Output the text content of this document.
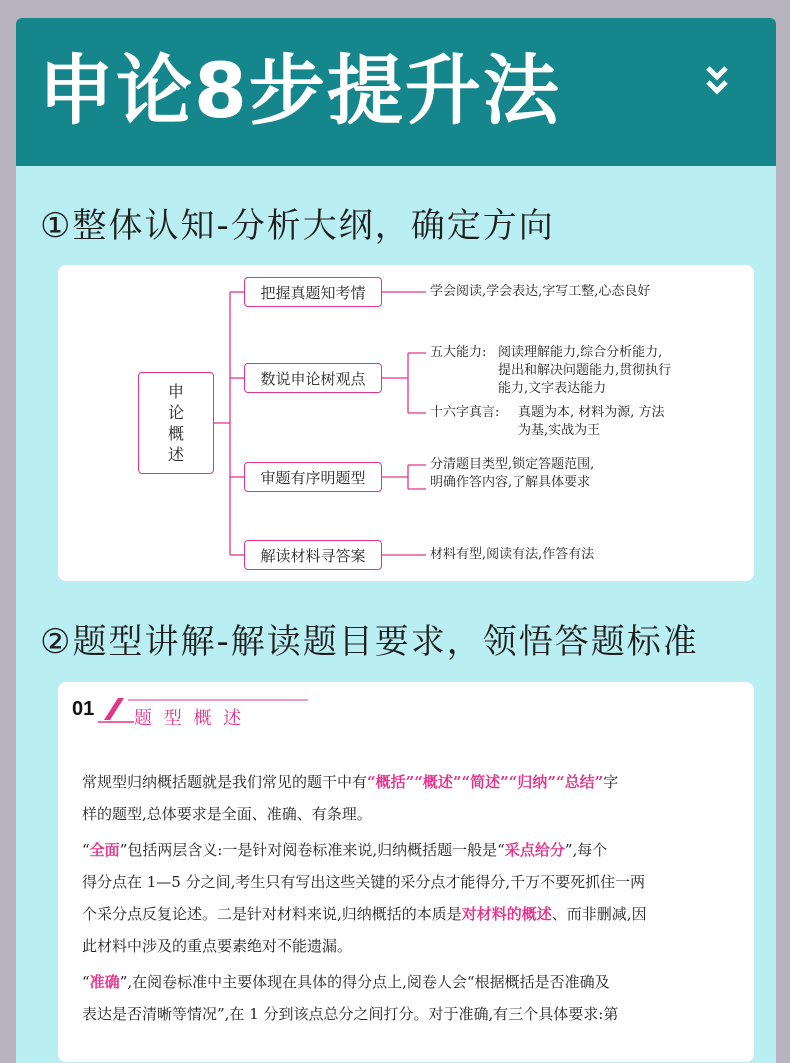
申论8步提升法
①整体认知-分析大纲，确定方向
申
论
概
述
把握真题知考情
数说申论树观点
审题有序明题型
解读材料寻答案
学会阅读,学会表达,字写工整,心态良好
五大能力: 阅读理解能力,综合分析能力,
提出和解决问题能力,贯彻执行
能力,文字表达能力
十六字真言: 真题为本, 材料为源, 方法
为基,实战为王
分清题目类型,锁定答题范围,
明确作答内容,了解具体要求
材料有型,阅读有法,作答有法
②题型讲解-解读题目要求，领悟答题标准
01 题 型 概 述
常规型归纳概括题就是我们常见的题干中有“概括”“概述”“简述”“归纳”“总结”字
样的题型,总体要求是全面、准确、有条理。
“全面”包括两层含义:一是针对阅卷标准来说,归纳概括题一般是“采点给分”,每个
得分点在 1—5 分之间,考生只有写出这些关键的采分点才能得分,千万不要死抓住一两
个采分点反复论述。二是针对材料来说,归纳概括的本质是对材料的概述、而非删减,因
此材料中涉及的重点要素绝对不能遗漏。
“准确”,在阅卷标准中主要体现在具体的得分点上,阅卷人会“根据概括是否准确及
表达是否清晰等情况”,在 1 分到该点总分之间打分。对于准确,有三个具体要求:第
